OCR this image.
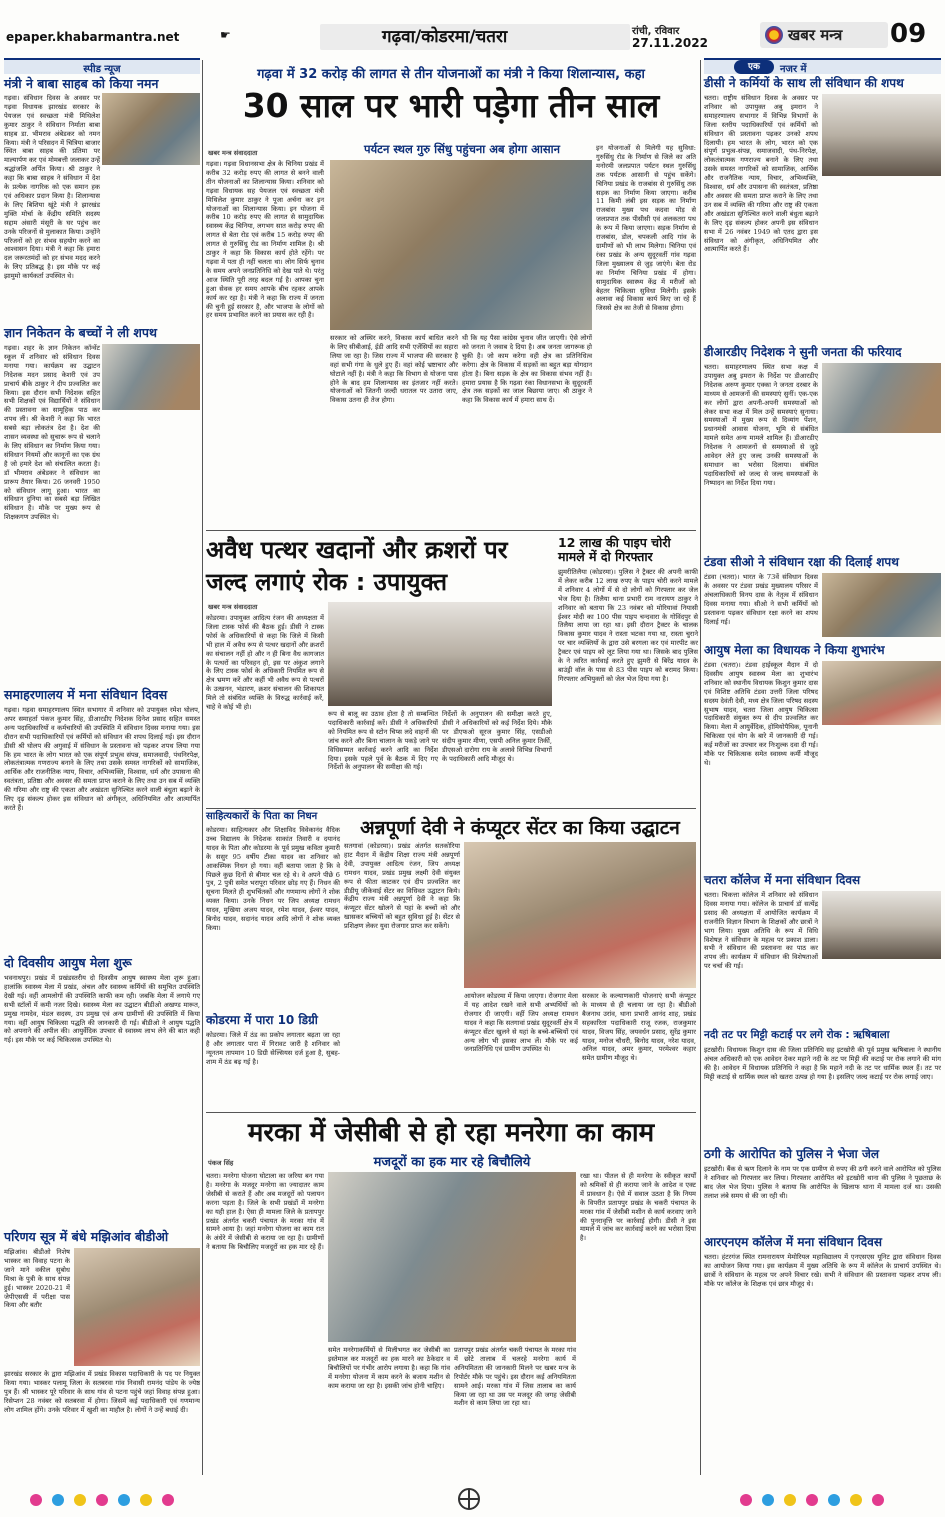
epaper.khabarmantra.net	☛	गढ़वा/कोडरमा/चतरा	रांची, रविवार
27.11.2022	खबर मन्त्र	09
स्पीड न्यूज
मंत्री ने बाबा साहब को किया नमन
गढ़वा। संविधान दिवस के अवसर पर गढ़वा विधायक झारखंड सरकार के पेयजल एवं स्वच्छता मंत्री मिथिलेश कुमार ठाकुर ने संविधान निर्माता बाबा साहब डा. भीमराव अंबेडकर को नमन किया। मंत्री ने परिसदन में चित्रिया बाजार स्थित बाबा साहब की प्रतिमा पर माल्यार्पण कर एवं मोमबत्ती जलाकर उन्हें श्रद्धांजलि अर्पित किया। श्री ठाकुर ने कहा कि बाबा साहब ने संविधान में देश के प्रत्येक नागरिक को एक समान हक एवं अधिकार प्रदान किया है। शिलान्यास के लिए बिशिया खूंटे मंत्री ने झारखंड मुक्ति मोर्चा के केंद्रीय समिति सदस्य सद्दाम अंसारी मंसूरी के घर पहुंच कर उनके परिजनों से मुलाकात किया। उन्होंने परिजनों को हर संभव सहयोग करने का आश्वासन दिया। मंत्री ने कहा कि हमारा दल जरूरतमंदों को हर संभव मदद करने के लिए प्रतिबद्ध है। इस मौके पर कई झामुमो कार्यकर्ता उपस्थित थे।
ज्ञान निकेतन के बच्चों ने ली शपथ
गढ़वा। शहर के ज्ञान निकेतन कॉन्वेंट स्कूल में शनिवार को संविधान दिवस मनाया गया। कार्यक्रम का उद्घाटन निदेशक मदन प्रसाद केशरी एवं उप प्राचार्य बीके ठाकुर ने दीप प्रज्वलित कर किया। इस दौरान सभी निदेशक सहित सभी शिक्षकों एवं विद्यार्थियों ने संविधान की प्रस्तावना का सामूहिक पाठ कर शपथ ली। श्री केशरी ने कहा कि भारत सबसे बड़ा लोकतंत्र देश है। देश की शासन व्यवस्था को सुचारू रूप से चलाने के लिए संविधान का निर्माण किया गया। संविधान नियमों और कानूनों का एक ग्रंथ है जो हमारे देश को संचालित करता है। डॉ भीमराव अंबेडकर ने संविधान का प्रारूप तैयार किया। 26 जनवरी 1950 को संविधान लागू हुआ। भारत का संविधान दुनिया का सबसे बड़ा लिखित संविधान है। मौके पर मुख्य रूप से शिक्षकगण उपस्थित थे।
समाहरणालय में मना संविधान दिवस
गढ़वा। गढ़वा समाहरणालय स्थित सभागार में शनिवार को उपायुक्त रमेश घोलप, अपर समाहर्ता पंकज कुमार सिंह, डीआरडीए निदेशक दिनेश प्रसाद सहित समस्त अन्य पदाधिकारियों व कर्मचारियों की उपस्थिति में संविधान दिवस मनाया गया। इस दौरान सभी पदाधिकारियों एवं कर्मियों को संविधान की शपथ दिलाई गई। इस दौरान डीसी श्री घोलप की अगुवाई में संविधान के प्रस्तावना को पढ़कर शपथ लिया गया कि हम भारत के लोग भारत को एक संपूर्ण प्रभुत्व संपन्न, समाजवादी, पंथनिरपेक्ष, लोकतंत्रात्मक गणराज्य बनाने के लिए तथा उसके समस्त नागरिकों को सामाजिक, आर्थिक और राजनीतिक न्याय, विचार, अभिव्यक्ति, विश्वास, धर्म और उपासना की स्वतंत्रता, प्रतिष्ठा और अवसर की समता प्राप्त कराने के लिए तथा उन सब में व्यक्ति की गरिमा और राष्ट्र की एकता और अखंडता सुनिश्चित करने वाली बंधुता बढ़ाने के लिए दृढ़ संकल्प होकर इस संविधान को अंगीकृत, अधिनियमित और आत्मार्पित करते हैं।
दो दिवसीय आयुष मेला शुरू
भवनाथपुर। प्रखंड में प्रखंडस्तरीय दो दिवसीय आयुष स्वास्थ्य मेला शुरू हुआ। हालांकि स्वास्थ्य मेला में प्रखंड, अंचल और स्वास्थ्य कर्मियों की समुचित उपस्थिति देखी गई। वहीं आमलोगों की उपस्थिति काफी कम रही। जबकि मेला में लगाये गए सभी स्टॉलों में कमी नजर दिखे। स्वास्थ्य मेला का उद्घाटन बीडीओ अखण्ड मारूत, प्रमुख नामदेव, मंडल सदस्य, उप प्रमुख एवं अन्य ग्रामीणों की उपस्थिति में किया गया। वहीं आयुष चिकित्सा पद्धति की जानकारी दी गई। बीडीओ ने आयुष पद्धति को अपनाने की अपील की। आयुर्वेदिक उपचार से स्वास्थ्य लाभ लेने की बात कही गई। इस मौके पर कई चिकित्सक उपस्थित थे।
परिणय सूत्र में बंधे मझिआंव बीडीओ
मझिआंव। बीडीओ निशेष भास्कर का विवाह पटना के जाने माने वकील सुबोध मिश्रा के पुत्री के साथ संपन्न हुई। भास्कर 2020-21 में जेपीएससी में परीक्षा पास किया और बतौर
झारखंड सरकार के द्वारा मझिआंव में प्रखंड विकास पदाधिकारी के पद पर नियुक्त किया गया। भास्कर पलामू जिला के सतबरवा गांव निवासी रामनंद पांडेय के ज्येष्ठ पुत्र हैं। श्री भास्कर पूरे परिवार के साथ गांव से पटना पहुंचे जहां विवाह संपन्न हुआ। रिसेप्शन 28 नवंबर को सतबरवा में होगा। जिसमें कई पदाधिकारी एवं गणमान्य लोग शामिल होंगे। उनके परिवार में खुशी का माहौल है। लोगों ने उन्हें बधाई दी।
गढ़वा में 32 करोड़ की लागत से तीन योजनाओं का मंत्री ने किया शिलान्यास, कहा
30 साल पर भारी पड़ेगा तीन साल
खबर मन्त्र संवाददाता	पर्यटन स्थल गुरु सिंधु पहुंचना अब होगा आसान
गढ़वा। गढ़वा विधानसभा क्षेत्र के चिनिया प्रखंड में करीब 32 करोड़ रुपए की लागत से बनने वाली तीन योजनाओं का शिलान्यास किया। शनिवार को गढ़वा विधायक सह पेयजल एवं स्वच्छता मंत्री मिथिलेश कुमार ठाकुर ने पूजा अर्चना कर इन योजनाओं का शिलान्यास किया। इन योजना में करीब 10 करोड़ रुपए की लागत से सामुदायिक स्वास्थ्य केंद्र चिनिया, लगभग सात करोड़ रुपए की लागत से बेता रोड एवं करीब 15 करोड़ रुपए की लागत से गुरुसिंधु रोड का निर्माण शामिल है। श्री ठाकुर ने कहा कि विकास कार्य होते रहेंगे। पर गढ़वा में पता ही नहीं चलता था। लोग सिर्फ चुनाव के समय अपने जनप्रतिनिधि को देख पाते थे। परंतु आज स्थिति पूरी तरह बदल गई है। आपका चुना हुआ सेवक हर समय आपके बीच रहकर आपके कार्य कर रहा है। मंत्री ने कहा कि राज्य में जनता की चुनी हुई सरकार है, और भाजपा के लोगों को हर समय प्रभावित करने का प्रयास कर रही है।
सरकार को अस्थिर करने, विकास कार्य बाधित करने के लिए सीबीआई, ईडी आदि सभी एजेंसियों का सहारा लिया जा रहा है। जिस राज्य में भाजपा की सरकार है वहां सभी गंगा के धुले हुए हैं। वहां कोई भ्रष्टाचार और घोटाले नहीं है। मंत्री ने कहा कि विभाग से योजना पास होने के बाद हम शिलान्यास का इंतजार नहीं करते। योजनाओं को जितनी जल्दी धरातल पर उतारा जाए, विकास उतना ही तेज होगा।
थी कि यह पैसा कांग्रेस चुनाव जीत जाएगी। ऐसे लोगों को जनता ने जवाब दे दिया है। अब जनता जागरूक हो चुकी है। जो काम करेगा वही क्षेत्र का प्रतिनिधित्व करेगा। क्षेत्र के विकास में सड़कों का बहुत बड़ा योगदान होता है। बिना सड़क के क्षेत्र का विकास संभव नहीं है। हमारा प्रयास है कि गढ़वा रंका विधानसभा के सुदूरवर्ती क्षेत्र तक सड़कों का जाल बिछाया जाए। श्री ठाकुर ने कहा कि विकास कार्य में हमारा साथ दें।
इन योजनाओं से मिलेगी यह सुविधा: गुरुसिंधु रोड के निर्माण से जिले का अति मनोरमी जलप्रपात पर्यटन स्थल गुरुसिंधु तक पर्यटक आसानी से पहुंच सकेंगे। चिनिया प्रखंड के राजबांस से गुरुसिंधु तक सड़क का निर्माण किया जाएगा। करीब 11 किमी लंबी इस सड़क का निर्माण राजबांस मुख्य पथ कदवा मोड़ से जलप्रपात तक पीसीसी एवं अलकतरा पथ के रूप में किया जाएगा। सड़क निर्माण से राजबांस, डोल, चपकली आदि गांव के ग्रामीणों को भी लाभ मिलेगा। चिनिया एवं रंका प्रखंड के अन्य सुदूरवर्ती गांव गढ़वा जिला मुख्यालय से जुड़ जाएंगे। बेता रोड का निर्माण चिनिया प्रखंड में होगा। सामुदायिक स्वास्थ्य केंद्र में मरीजों को बेहतर चिकित्सा सुविधा मिलेगी। इसके अलावा कई विकास कार्य किए जा रहे हैं जिससे क्षेत्र का तेजी से विकास होगा।
अवैध पत्थर खदानों और क्रशरों पर जल्द लगाएं रोक : उपायुक्त
खबर मन्त्र संवाददाता
कोडरमा। उपायुक्त आदित्य रंजन की अध्यक्षता में जिला टास्क फोर्स की बैठक हुई। डीसी ने टास्क फोर्स के अधिकारियों से कहा कि जिले में किसी भी हाल में अवैध रूप से पत्थर खदानों और क्रशरों का संचालन नहीं हो और न ही बिना वैध कागजात के पत्थरों का परिवहन हो, इस पर अंकुश लगाने के लिए टास्क फोर्स के अधिकारी नियमित रूप से क्षेत्र भ्रमण करें और कहीं भी अवैध रूप से पत्थरों के उत्खनन, भंडारण, क्रशर संचालन की शिकायत मिले तो संबंधित व्यक्ति के विरुद्ध कार्रवाई करें, चाहे वे कोई भी हो।
रूप से बालू का उठाव होता है तो सम्बन्धित पदाधिकारी कार्रवाई करें। डीसी ने अधिकारियों को नियमित रूप से स्टोन चिप्स लदे वाहनों की जांच करने और बिना चालान के पकड़े जाने पर विधिसम्मत कार्रवाई करने आदि का निर्देश दिया। इसके पहले पूर्व के बैठक में दिए गए निर्देशों के अनुपालन की समीक्षा की गई।
निर्देशों के अनुपालन की समीक्षा करते हुए, डीसी ने अधिकारियों को कई निर्देश दिये। मौके पर डीएफओ सूरज कुमार सिंह, एसडीओ संदीप कुमार मीणा, एसपी अनिल कुमार तिर्की, डीएसओ दारोगा राय के अलावे विभिन्न विभागों के पदाधिकारी आदि मौजूद थे।
12 लाख की पाइप चोरी मामले में दो गिरफ्तार
झुमरीतिलैया (कोडरमा)। पुलिस ने ट्रैक्टर की अपनी काफी में लेकर करीब 12 लाख रुपए के पाइप चोरी करने मामले में शनिवार 4 लोगों में से दो लोगों को गिरफ्तार कर जेल भेज दिया है। तिलैया थाना प्रभारी राम नारायण ठाकुर ने शनिवार को बताया कि 23 नवंबर को मोरियावां नियासी ईश्वर मोदी का 100 पीस पाइप चन्दवारा के गोविंदपुर से तिलैया लाया जा रहा था। इसी दौरान ट्रैक्टर के चालक विकास कुमार यादव ने रास्ता भटका गया था, रास्ता चुराने पर चार व्यक्तियों के द्वारा उसे बरगला कर एवं मारपीट कर ट्रैक्टर एवं पाइप को लूट लिया गया था। जिसके बाद पुलिस के ने त्वरित कार्रवाई करते हुए झुमरी से बिरेंद्र यादव के बाउंड्री वॉल के पास से 83 पीस पाइप को बरामद किया। गिरफ्तार अभियुक्तों को जेल भेज दिया गया है।
साहित्यकारों के पिता का निधन
कोडरमा। साहित्यकार और शिक्षाविद विवेकानंद वैदिक उच्च विद्यालय के निदेशक साकांत तिवारी व दयानंद यादव के पिता और कोडरमा के पूर्व प्रमुख कविता कुमारी के ससुर 95 वर्षीय टीका यादव का शनिवार को आकस्मिक निधन हो गया। वहीं बताया जाता है कि वे पिछले कुछ दिनों से बीमार चल रहे थे। वे अपने पीछे 6 पुत्र, 2 पुत्री समेत भरापूरा परिवार छोड़ गए हैं। निधन की सूचना मिलते ही शुभचिंतकों और गणमान्य लोगों ने शोक व्यक्त किया। उनके निधन पर जिप अध्यक्ष रामधन यादव, मुखिया अजय यादव, रमेश यादव, ईश्वर यादव, बिनोद यादव, सदानंद यादव आदि लोगों ने शोक व्यक्त किया।
कोडरमा में पारा 10 डिग्री
कोडरमा। जिले में ठंड का प्रकोप लगातार बढ़ता जा रहा है और लगातार पारा में गिरावट जारी है शनिवार को न्यूनतम तापमान 10 डिग्री सेल्सियस दर्ज हुआ है, सुबह-शाम में ठंड बढ़ गई है।
अन्नपूर्णा देवी ने कंप्यूटर सेंटर का किया उद्घाटन
सतगावां (कोडरमा)। प्रखंड अंतर्गत सतकोरिया हाट मैदान में केंद्रीय शिक्षा राज्य मंत्री अन्नपूर्णा देवी, उपायुक्त आदित्य रंजन, जिप अध्यक्ष रामधन यादव, प्रखंड प्रमुख लक्ष्मी देवी संयुक्त रूप से फीता काटकर एवं दीप प्रज्वलित कर डीडीयू जीकेवाई सेंटर का विधिवत उद्घाटन किये। केंद्रीय राज्य मंत्री अन्नपूर्णा देवी ने कहा कि कंप्यूटर सेंटर खोलने से यहां के बच्चों को और खासकर बच्चियों को बहुत सुविधा हुई है। सेंटर से प्रशिक्षण लेकर युवा रोजगार प्राप्त कर सकेंगे।
आयोजन कोडरमा में किया जाएगा। रोजगार मेला में यह आदेश रखने वाले सभी अभ्यर्थियों को रोजगार दी जाएगी। वहीं जिप अध्यक्ष रामधन यादव ने कहा कि सतगावां प्रखंड सुदूरवर्ती क्षेत्र में कंप्यूटर सेंटर खुलने से यहां के बच्चे-बच्चियों एवं अन्य लोग भी इसका लाभ लें। मौके पर कई जनप्रतिनिधि एवं ग्रामीण उपस्थित थे।
सरकार के कल्याणकारी योजनाएं सभी कंप्यूटर के माध्यम से ही चलाया जा रहा है। बीडीओ बैजनाथ उरांव, थाना प्रभारी आनंद शाह, प्रखंड सहकारिता पदाधिकारी राजू रजक, राजकुमार यादव, विजय सिंह, जयवर्धन प्रसाद, सुरेंद्र कुमार यादव, मनोज चौधरी, बिनोद यादव, नरेश यादव, अनिल यादव, अमर कुमार, परमेश्वर कहार समेत ग्रामीण मौजूद थे।
मरका में जेसीबी से हो रहा मनरेगा का काम
मजदूरों का हक मार रहे बिचौलिये
पंकज सिंह
चतरा। मनरेगा योजना घोटाला का जरिया बन गया है। मनरेगा के मजदूर मनरेगा का ज्यादातर काम जेसीबी से कराते हैं और अब मजदूरों को पलायन करना पड़ता है। जिले के सभी प्रखंडों में मनरेगा का यही हाल है। ऐसा ही मामला जिले के प्रतापपुर प्रखंड अंतर्गत चकरी पंचायत के मरका गांव में सामने आया है। जहां मनरेगा योजना का काम रात के अंधेरे में जेसीबी से कराया जा रहा है। ग्रामीणों ने बताया कि बिचौलिए मजदूरों का हक मार रहे हैं।
समेत मनरेगाकर्मियों से मिलीभगत कर जेसीबी का इस्तेमाल कर मजदूरों का हक मारने का ठेकेदार व बिचौलियों पर गंभीर आरोप लगाया है। कहा कि गांव में मनरेगा योजना में काम करने के बजाय मशीन से काम कराया जा रहा है। इसकी जांच होनी चाहिए।
प्रतापपुर प्रखंड अंतर्गत चकरी पंचायत के मरका गांव में छोटे तालाब में चलरहे मनरेगा कार्य में अनियमितता की जानकारी मिलने पर खबर मन्त्र के रिपोर्टर मौके पर पहुंचे। इस दौरान कई अनियमितता सामने आई। मरका गांव में जिस तालाब का कार्य किया जा रहा था उस पर मजदूर की जगह जेसीबी मशीन से काम लिया जा रहा था।
रखा था। पीतल से ही मनरेगा के स्वीकृत कार्यों को श्रमिकों से ही कराया जाने के आदेश व एक्ट में प्रावधान है। ऐसे में सवाल उठता है कि नियम के विपरीत प्रतापपुर प्रखंड के चकरी पंचायत के मरका गांव में जेसीबी मशीन से कार्य करवाए जाने की पुनरावृत्ति पर कार्रवाई होगी। डीसी ने इस मामले में जांच कर कार्रवाई करने का भरोसा दिया है।
एक	नजर में
डीसी ने कर्मियों के साथ ली संविधान की शपथ
चतरा। राष्ट्रीय संविधान दिवस के अवसर पर शनिवार को उपायुक्त अबु इमरान ने समाहरणालय सभागार में विभिन्न विभागों के जिला स्तरीय पदाधिकारियों एवं कर्मियों को संविधान की प्रस्तावना पढ़कर उनको शपथ दिलायी। हम भारत के लोग, भारत को एक संपूर्ण प्रभुत्व-संपन्न, समाजवादी, पंथ-निरपेक्ष, लोकतंत्रात्मक गणराज्य बनाने के लिए तथा उसके समस्त नागरिकों को सामाजिक, आर्थिक और राजनैतिक न्याय, विचार, अभिव्यक्ति, विश्वास, धर्म और उपासना की स्वतंत्रता, प्रतिष्ठा और अवसर की समता प्राप्त कराने के लिए तथा उन सब में व्यक्ति की गरिमा और राष्ट्र की एकता और अखंडता सुनिश्चित करने वाली बंधुता बढ़ाने के लिए दृढ़ संकल्प होकर अपनी इस संविधान सभा में 26 नवंबर 1949 को एतद द्वारा इस संविधान को अंगीकृत, अधिनियमित और आत्मार्पित करते हैं।
डीआरडीए निदेशक ने सुनी जनता की फरियाद
चतरा। समाहरणालय स्थित सभा कक्ष में उपायुक्त अबु इमरान के निर्देश पर डीआरडीए निदेशक अरुण कुमार एक्का ने जनता दरबार के माध्यम से आमजनों की समस्याएं सुनीं। एक-एक कर लोगों द्वारा अपनी-अपनी समस्याओं को लेकर सभा कक्ष में मिल उन्हें समस्याएं सुनाया। समस्याओं में मुख्य रूप से दिव्यांग पेंशन, प्रधानमंत्री आवास योजना, भूमि से संबंधित मामले समेत अन्य मामले शामिल हैं। डीआरडीए निदेशक ने आमजनों से समस्याओं से जुड़े आवेदन लेते हुए जल्द उनकी समस्याओं के समाधान का भरोसा दिलाया। संबंधित पदाधिकारियों को जल्द से जल्द समस्याओं के निष्पादन का निर्देश दिया गया।
टंडवा सीओ ने संविधान रक्षा की दिलाई शपथ
टंडवा (चतरा)। भारत के 73वें संविधान दिवस के अवसर पर टंडवा प्रखंड मुख्यालय परिसर में अंचलाधिकारी विनय दास के नेतृत्व में संविधान दिवस मनाया गया। सीओ ने सभी कर्मियों को प्रस्तावना पढ़कर संविधान रक्षा करने का शपथ दिलाई गई।
आयुष मेला का विधायक ने किया शुभारंभ
टंडवा (चतरा)। टंडवा हाईस्कूल मैदान में दो दिवसीय आयुष स्वास्थ्य मेला का शुभारंभ शनिवार को स्थानीय विधायक किशुन कुमार दास एवं विशिष्ट अतिथि टंडवा उत्तरी जिला परिषद सदस्य देवंती देवी, मध्य क्षेत्र जिला परिषद सदस्य सुभाष यादव, चतरा जिला आयुष चिकित्सा पदाधिकारी संयुक्त रूप से दीप प्रज्वलित कर किया। मेला में आयुर्वेदिक, होमियोपैथिक, यूनानी चिकित्सा एवं योग के बारे में जानकारी दी गई। कई मरीजों का उपचार कर निःशुल्क दवा दी गई। मौके पर चिकित्सक समेत स्वास्थ्य कर्मी मौजूद थे।
चतरा कॉलेज में मना संविधान दिवस
चतरा। चिकत्ता कॉलेज में शनिवार को संविधान दिवस मनाया गया। कॉलेज के प्राचार्य डॉ सत्येंद्र प्रसाद की अध्यक्षता में आयोजित कार्यक्रम में राजनीति विज्ञान विभाग के शिक्षकों और छात्रों ने भाग लिया। मुख्य अतिथि के रूप में विधि विशेषज्ञ ने संविधान के महत्व पर प्रकाश डाला। सभी ने संविधान की प्रस्तावना का पाठ कर शपथ ली। कार्यक्रम में संविधान की विशेषताओं पर चर्चा की गई।
नदी तट पर मिट्टी कटाई पर लगे रोक : ऋषिबाला
इटखोरी। विधायक किशुन दास की जिला प्रतिनिधि सह इटखोरी की पूर्व प्रमुख ऋषिबाला ने स्थानीय अंचल अधिकारी को एक आवेदन देकर महाने नदी के तट पर मिट्टी की कटाई पर रोक लगाने की मांग की है। आवेदन में विधायक प्रतिनिधि ने कहा है कि महाने नदी के तट पर धार्मिक स्थल हैं। तट पर मिट्टी कटाई से धार्मिक स्थल को खतरा उत्पन्न हो गया है। इसलिए जल्द कटाई पर रोक लगाई जाए।
ठगी के आरोपित को पुलिस ने भेजा जेल
इटखोरी। बैंक से ऋण दिलाने के नाम पर एक ग्रामीण से रुपए की ठगी करने वाले आरोपित को पुलिस ने शनिवार को गिरफ्तार कर लिया। गिरफ्तार आरोपित को इटखोरी थाना की पुलिस ने पूछताछ के बाद जेल भेज दिया। पुलिस ने बताया कि आरोपित के खिलाफ थाना में मामला दर्ज था। उसकी तलाश लंबे समय से की जा रही थी।
आरएनएम कॉलेज में मना संविधान दिवस
चतरा। हंटरगंज स्थित रामनारायण मेमोरियल महाविद्यालय में एनएसएस यूनिट द्वारा संविधान दिवस का आयोजन किया गया। इस कार्यक्रम में मुख्य अतिथि के रूप में कॉलेज के प्राचार्य उपस्थित थे। छात्रों ने संविधान के महत्व पर अपने विचार रखे। सभी ने संविधान की प्रस्तावना पढ़कर शपथ ली। मौके पर कॉलेज के शिक्षक एवं छात्र मौजूद थे।
